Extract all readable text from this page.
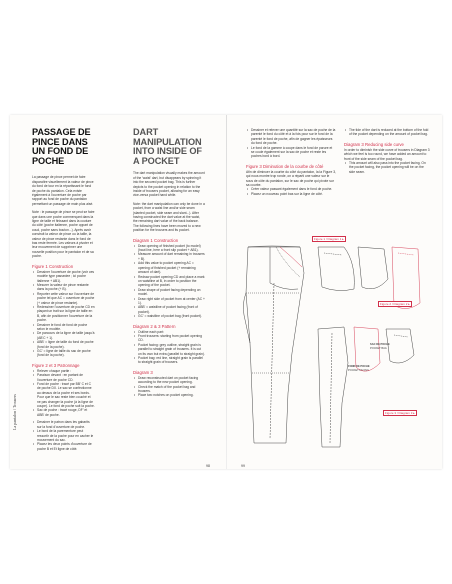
PASSAGE DE PINCE DANS UN FOND DE POCHE
La passage de pince permet de faire disparaître visuellement la valeur de pince du fond de tour en la répartissant le fond de poche du pantalon. Cela existe également à l'ouverture de poche par rapport au fond de poche du pantalon permettant un passage de main plus aisé.
Note : le passage de pince se peut se faire que dans une poche commençant dans la ligne de taille et finissant dans la couture du côté (poche italienne, poche oppart de coud, poche sans bouton...). Après avoir construit la valeur de pince ou la taille, la valeur de pince restante dans le fond de bas reste fermée. Les valeurs à pivoter et leur mouvement de supprimer une nouvelle position pour le pantalon et de sa poche.
Figure 1 Construction
• Dessiner l'ouverture de poche (voir ces modèle type passedee ; ici poche italienne + AB1).
• Mesurer la valeur de pince restante dans la poche (+ B).
• Reporter cette valeur sur l'ouverture de poche tel que AC = ouverture de poche (+ valeur de pince restante).
• Redessiner l'ouverture de poche CD en plaçant un trait sur la ligne de taille en B, afin de positionner l'ouverture de la poche.
• Dessiner le fond de fond de poche selon le modèle.
• De parcours de la ligne de taille jusqu'à (AB'C + 1).
• ABB' = ligne de taille du fond de poche (fond de la poche).
• GC' = ligne de taille du sac de poche (fond de la poche).
Figure 2 et 3 Patronnage
• Relever chaque partie :
• Paraison devant : en partant de l'ouverture de poche CD.
• Fond de poche : tracé par BB' C et C de poche DX. Le sac se confectionne au dessus de la poche et ses bords. Pour que le sac reste bien couché et ne pas changer la poche (à la ligne de coupe). Le fond de poche suit la poche.
• Sac de poche : tracé rouge, DF' et ABB' de poche.
• Dessiner le patron dans les gabarits sur la fond d'ouverture de poche.
• Le bord de la parementure peut ressortir de la poche pour en cacher le mouvement du sac.
• Placez les deux points d'ouverture de poche B et Et ligne de côté.
DART MANIPULATION INTO INSIDE OF A POCKET
The dart manipulation visually makes the amount of the 'waist' dart, but disappears by spinning it into the secured pocket bag. This is further depicts to the pocket opening in relation to the inside of trousers pocket, allowing for an easy vice-versa pocket hand while.
Note: the dart manipulation can only be done in a pocket, from a waist line and/or side seam (slanted pocket, side seam and slant...). After having constructed the dart value at the waist, the remaining dart value of the back balance. The following lines have been moved to a new position for the trousers and its pocket.
Diagram 1 Construction
• Draw opening of finished pocket (to model) (haut line, here a front slip pocket + AB1).
• Measure amount of dart remaining in trousers + B).
• Add this value to pocket opening AC = opening of finished pocket (+ remaining amount of dart).
• Redraw pocket opening CD and place a mark on waistline at B, in order to position the opening of the pocket.
• Draw shape of pocket facing depending on model.
• Draw right side of pocket from at center (AC + 1).
• ABB' = waistline of pocket facing (front of pocket).
• GC' = waistline of pocket bag (front pocket).
Diagram 2 & 3 Pattern
• Outline each part:
• Front trousers: starting from pocket opening CD.
• Pocket facing: grey outline, straight grain is parallel to straight grain of trousers. It is cut on its own but extra (parallel to straight grain).
• Pocket bag: red line, straight grain is parallel to straight grain of trousers.
Diagram 3
• Draw reconstructed dart on pocket facing according to the new pocket opening.
• Check the match of the pocket bag and trousers.
• Place two notches on pocket opening.
98
• Dessiner et relever une quantité sur la sac de poche de la parenté le fond du côté et à la fois pour sur le fond de la parenté le fond de poche, afin de gagner les épaisseurs du fond de poche.
• Le fond de la gamme à coupe dans le fond de parure et se coule également sur la sac de poche et reste les poches bord à bord.
Figure 3 Diminution de la courbe de côté
Afin de diminuer la courbe du côté du pantalon, la la Figure 3, qui nous montre trop ronde, on a réparti une valeur sur le sous de côte du pantalon, sur le sac de poche qui pivote sur sa courbe.
• Créer valeur passant également dans le fond de poche.
• Placez un nouveau point bas sur la ligne de côté.
• The tide of the dart is reduced at the bottom of the fold of the pocket depending on the amount of pocket bag.
Diagram 3 Reducing side curve
In order to diminish the side curve of trousers in Diagram 3 which we feel is too round, we have added an amount to front of the side seam of the pocket bag.
• This amount will also pass into the pocket facing. On the pocket facing, the pocket opening will be on the side seam.
99
Figure 1 / Diagram 1 ▸
FOND DE POCHE
POCKET FACING
Figure 2 / Diagram 2 ▸
SAC DE POCHE
POCKET BAG
Figure 3 / Diagram 3 ▸
La pantalon / Trousers
